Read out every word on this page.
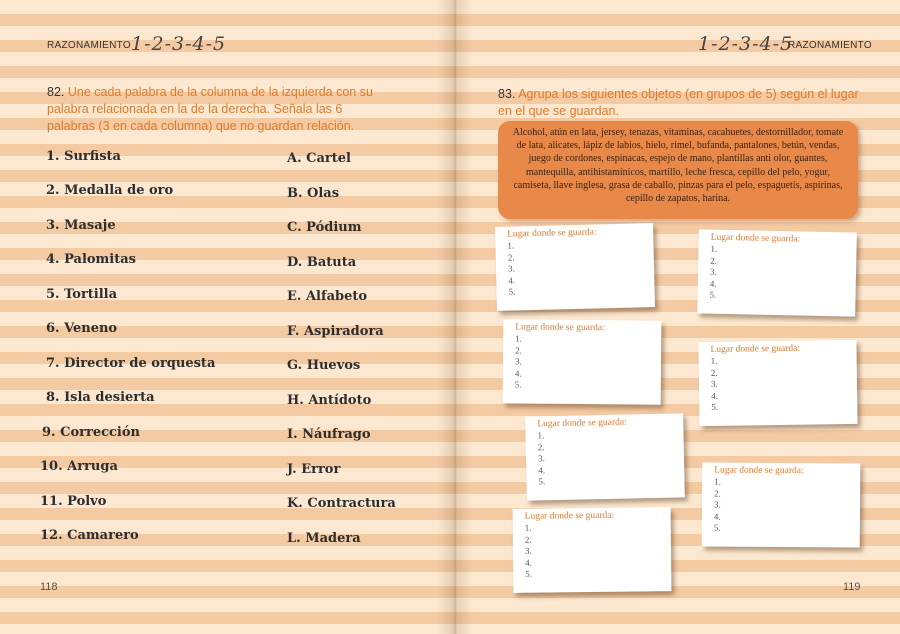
RAZONAMIENTO 1-2-3-4-5
82. Une cada palabra de la columna de la izquierda con su palabra relacionada en la de la derecha. Señala las 6 palabras (3 en cada columna) que no guardan relación.
1. Surfista
2. Medalla de oro
3. Masaje
4. Palomitas
5. Tortilla
6. Veneno
7. Director de orquesta
8. Isla desierta
9. Corrección
10. Arruga
11. Polvo
12. Camarero
A. Cartel
B. Olas
C. Pódium
D. Batuta
E. Alfabeto
F. Aspiradora
G. Huevos
H. Antídoto
I. Náufrago
J. Error
K. Contractura
L. Madera
118
1-2-3-4-5
RAZONAMIENTO
83. Agrupa los siguientes objetos (en grupos de 5) según el lugar en el que se guardan.
Alcohol, atún en lata, jersey, tenazas, vitaminas, cacahuetes, destornillador, tomate de lata, alicates, lápiz de labios, hielo, rímel, bufanda, pantalones, betún, vendas, juego de cordones, espinacas, espejo de mano, plantillas anti olor, guantes, mantequilla, antihistamínicos, martillo, leche fresca, cepillo del pelo, yogur, camiseta, llave inglesa, grasa de caballo, pinzas para el pelo, espaguetis, aspirinas, cepillo de zapatos, harina.
Lugar donde se guarda:
1.
2.
3.
4.
5.
Lugar donde se guarda:
1.
2.
3.
4.
5.
Lugar donde se guarda:
1.
2.
3.
4.
5.
Lugar donde se guarda:
1.
2.
3.
4.
5.
Lugar donde se guarda:
1.
2.
3.
4.
5.
Lugar donde se guarda:
1.
2.
3.
4.
5.
Lugar donde se guarda:
1.
2.
3.
4.
5.
119
